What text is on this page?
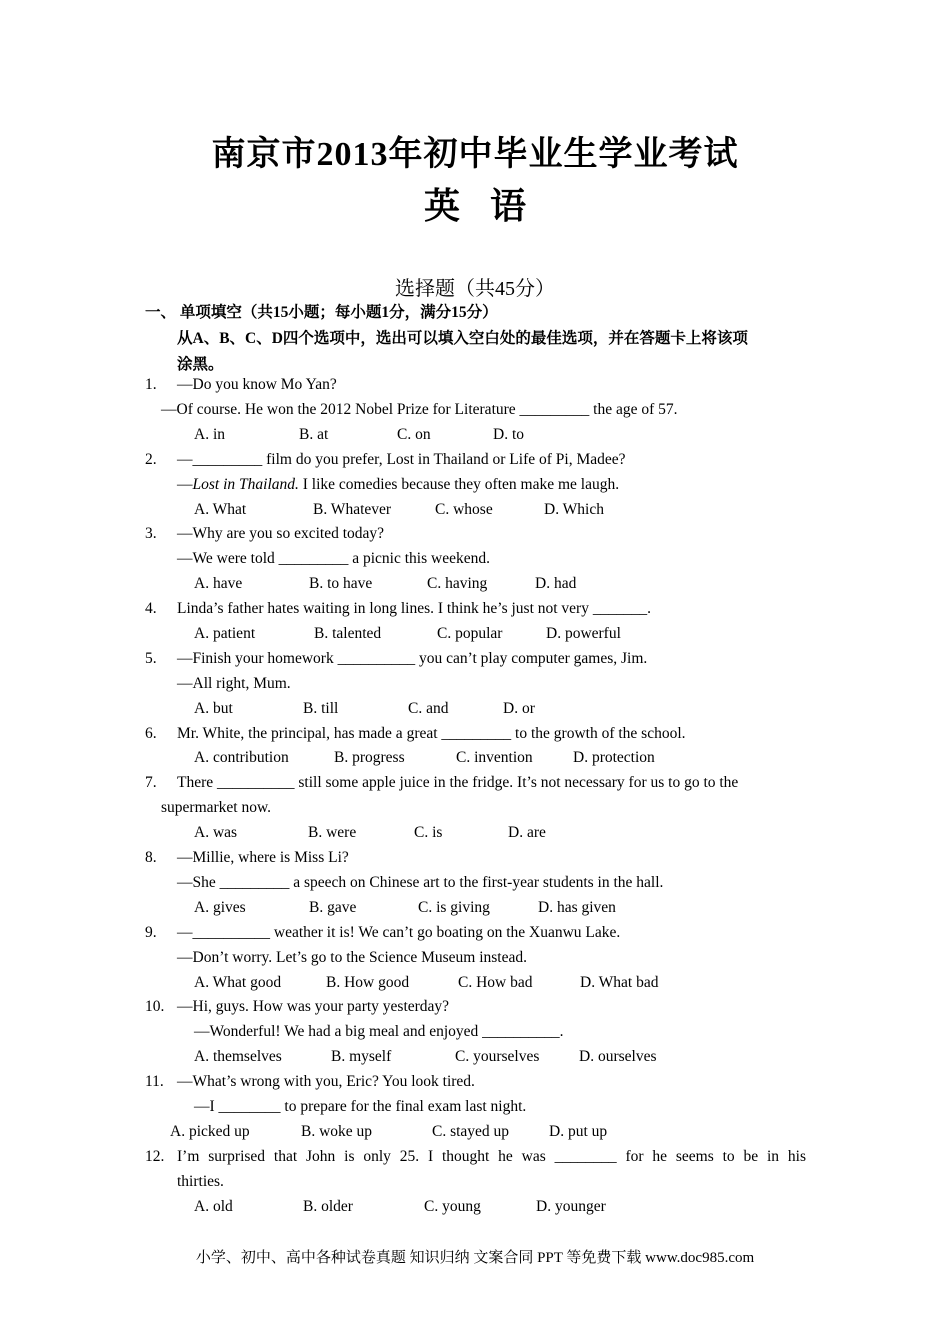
南京市2013年初中毕业生学业考试
英语
选择题（共45分）
一、 单项填空（共15小题；每小题1分，满分15分）
从A、B、C、D四个选项中，选出可以填入空白处的最佳选项，并在答题卡上将该项
涂黑。
1. —Do you know Mo Yan?
—Of course. He won the 2012 Nobel Prize for Literature _________ the age of 57.
A. in	B. at	C. on	D. to
2. —_________ film do you prefer, Lost in Thailand or Life of Pi, Madee?
—Lost in Thailand. I like comedies because they often make me laugh.
A. What	B. Whatever	C. whose	D. Which
3. —Why are you so excited today?
—We were told _________ a picnic this weekend.
A. have	B. to have	C. having	D. had
4. Linda’s father hates waiting in long lines. I think he’s just not very _______.
A. patient	B. talented	C. popular	D. powerful
5. —Finish your homework __________ you can’t play computer games, Jim.
—All right, Mum.
A. but	B. till	C. and	D. or
6. Mr. White, the principal, has made a great _________ to the growth of the school.
A. contribution	B. progress	C. invention	D. protection
7. There __________ still some apple juice in the fridge. It’s not necessary for us to go to the
supermarket now.
A. was	B. were	C. is	D. are
8. —Millie, where is Miss Li?
—She _________ a speech on Chinese art to the first-year students in the hall.
A. gives	B. gave	C. is giving	D. has given
9. —__________ weather it is! We can’t go boating on the Xuanwu Lake.
—Don’t worry. Let’s go to the Science Museum instead.
A. What good	B. How good	C. How bad	D. What bad
10. —Hi, guys. How was your party yesterday?
—Wonderful! We had a big meal and enjoyed __________.
A. themselves	B. myself	C. yourselves	D. ourselves
11. —What’s wrong with you, Eric? You look tired.
—I ________ to prepare for the final exam last night.
A. picked up	B. woke up	C. stayed up	D. put up
12. I’m surprised that John is only 25. I thought he was ________ for he seems to be in his
thirties.
A. old	B. older	C. young	D. younger
小学、初中、高中各种试卷真题 知识归纳 文案合同 PPT 等免费下载 www.doc985.com
